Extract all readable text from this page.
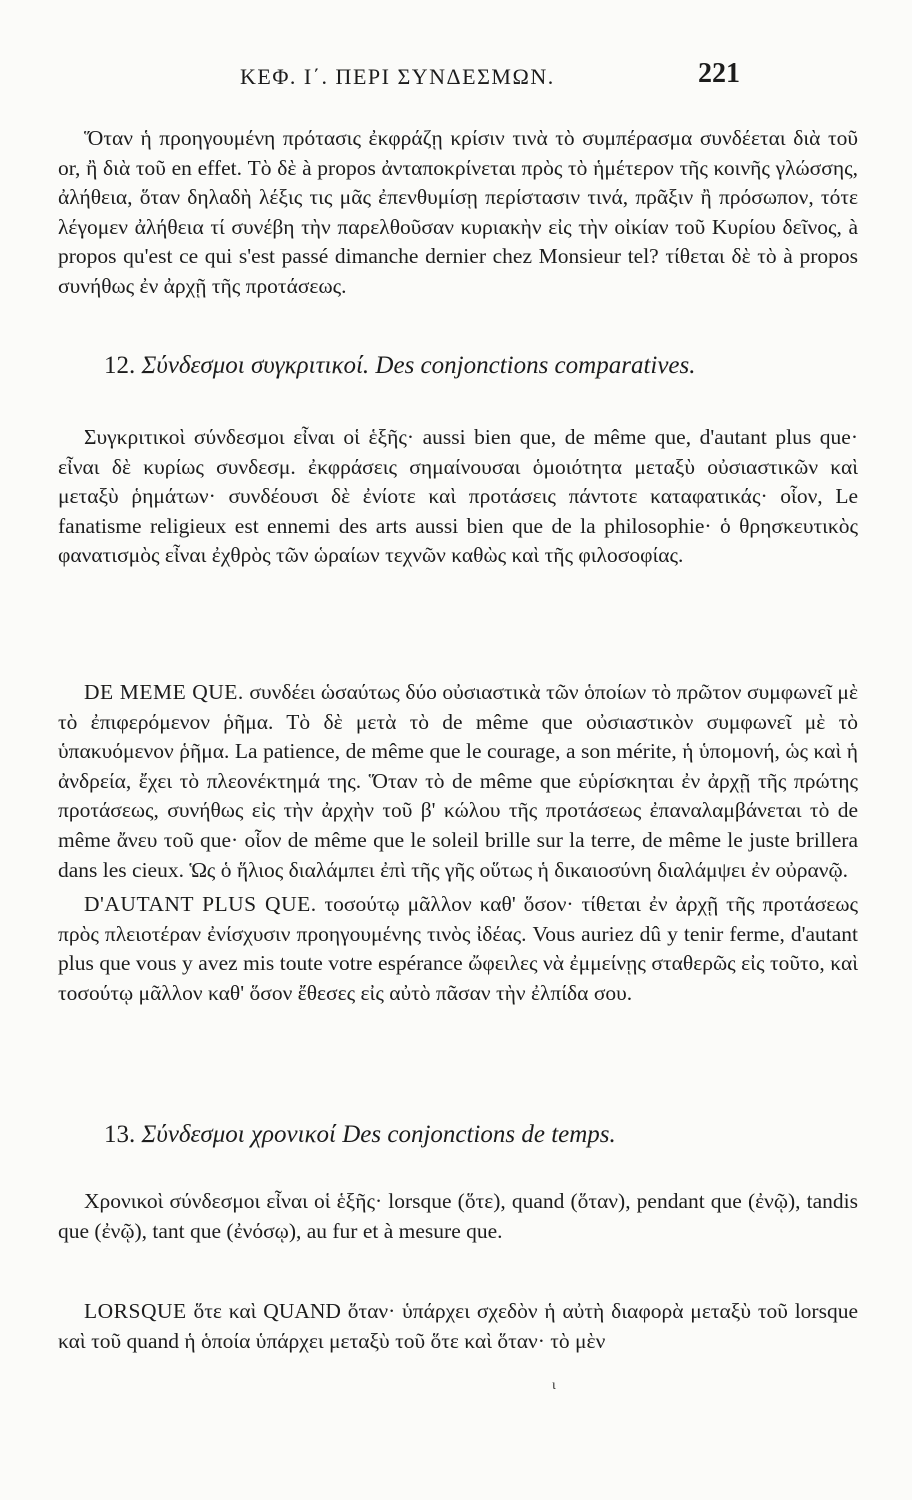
ΚΕΦ. Ι΄. ΠΕΡΙ ΣΥΝΔΕΣΜΩΝ.	221

Ὅταν ἡ προηγουμένη πρότασις ἐκφράζῃ κρίσιν τινὰ τὸ συμπέρασμα συνδέεται διὰ τοῦ or, ἢ διὰ τοῦ en effet. Τὸ δὲ à propos ἀνταποκρίνεται πρὸς τὸ ἡμέτερον τῆς κοινῆς γλώσσης, ἀλήθεια, ὅταν δηλαδὴ λέξις τις μᾶς ἐπενθυμίσῃ περίστασιν τινά, πρᾶξιν ἢ πρόσωπον, τότε λέγομεν ἀλήθεια τί συνέβη τὴν παρελθοῦσαν κυριακὴν εἰς τὴν οἰκίαν τοῦ Κυρίου δεῖνος, à propos qu'est ce qui s'est passé dimanche dernier chez Monsieur tel? τίθεται δὲ τὸ à propos συνήθως ἐν ἀρχῇ τῆς προτάσεως.

12. Σύνδεσμοι συγκριτικοί. Des conjonctions comparatives.

Συγκριτικοὶ σύνδεσμοι εἶναι οἱ ἑξῆς· aussi bien que, de même que, d'autant plus que· εἶναι δὲ κυρίως συνδεσμ. ἐκφράσεις σημαίνουσαι ὁμοιότητα μεταξὺ οὐσιαστικῶν καὶ μεταξὺ ῥημάτων· συνδέουσι δὲ ἐνίοτε καὶ προτάσεις πάντοτε καταφατικάς· οἷον, Le fanatisme religieux est ennemi des arts aussi bien que de la philosophie· ὁ θρησκευτικὸς φανατισμὸς εἶναι ἐχθρὸς τῶν ὡραίων τεχνῶν καθὼς καὶ τῆς φιλοσοφίας.

DE MEME QUE. συνδέει ὡσαύτως δύο οὐσιαστικὰ τῶν ὁποίων τὸ πρῶτον συμφωνεῖ μὲ τὸ ἐπιφερόμενον ῥῆμα. Τὸ δὲ μετὰ τὸ de même que οὐσιαστικὸν συμφωνεῖ μὲ τὸ ὑπακυόμενον ῥῆμα. La patience, de même que le courage, a son mérite, ἡ ὑπομονή, ὡς καὶ ἡ ἀνδρεία, ἔχει τὸ πλεονέκτημά της. Ὅταν τὸ de même que εὑρίσκηται ἐν ἀρχῇ τῆς πρώτης προτάσεως, συνήθως εἰς τὴν ἀρχὴν τοῦ β' κώλου τῆς προτάσεως ἐπαναλαμβάνεται τὸ de même ἄνευ τοῦ que· οἷον de même que le soleil brille sur la terre, de même le juste brillera dans les cieux. Ὡς ὁ ἥλιος διαλάμπει ἐπὶ τῆς γῆς οὕτως ἡ δικαιοσύνη διαλάμψει ἐν οὐρανῷ.

D'AUTANT PLUS QUE. τοσούτῳ μᾶλλον καθ' ὅσον· τίθεται ἐν ἀρχῇ τῆς προτάσεως πρὸς πλειοτέραν ἐνίσχυσιν προηγουμένης τινὸς ἰδέας. Vous auriez dû y tenir ferme, d'autant plus que vous y avez mis toute votre espérance ὤφειλες νὰ ἐμμείνῃς σταθερῶς εἰς τοῦτο, καὶ τοσούτῳ μᾶλλον καθ' ὅσον ἔθεσες εἰς αὐτὸ πᾶσαν τὴν ἐλπίδα σου.

13. Σύνδεσμοι χρονικοί Des conjonctions de temps.

Χρονικοὶ σύνδεσμοι εἶναι οἱ ἑξῆς· lorsque (ὅτε), quand (ὅταν), pendant que (ἐνῷ), tandis que (ἐνῷ), tant que (ἐνόσῳ), au fur et à mesure que.

LORSQUE ὅτε καὶ QUAND ὅταν· ὑπάρχει σχεδὸν ἡ αὐτὴ διαφορὰ μεταξὺ τοῦ lorsque καὶ τοῦ quand ἡ ὁποία ὑπάρχει μεταξὺ τοῦ ὅτε καὶ ὅταν· τὸ μὲν

ι
